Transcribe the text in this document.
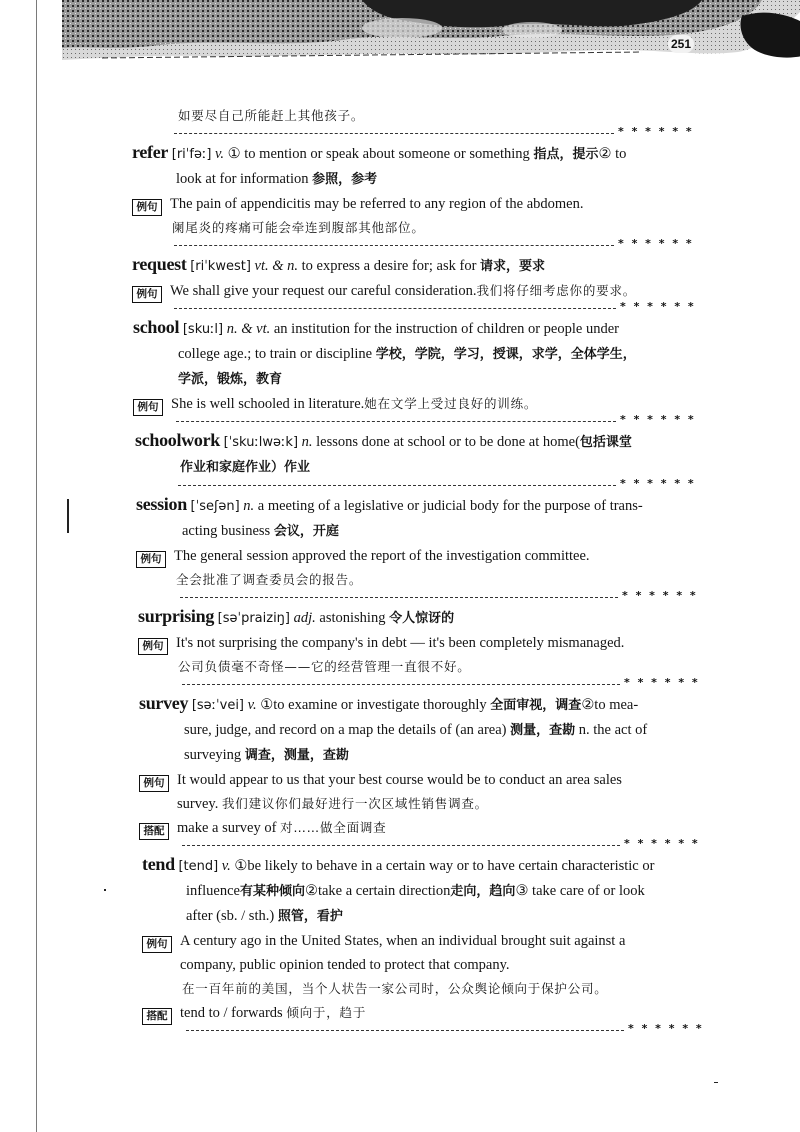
251
如要尽自己所能赶上其他孩子。
* * * * * *
refer [riˈfəː] v. ① to mention or speak about someone or something 指点，提示② to
look at for information 参照，参考
例句 The pain of appendicitis may be referred to any region of the abdomen.
阑尾炎的疼痛可能会牵连到腹部其他部位。
* * * * * *
request [riˈkwest] vt. & n. to express a desire for; ask for 请求，要求
例句 We shall give your request our careful consideration.我们将仔细考虑你的要求。
* * * * * *
school [skuːl] n. & vt. an institution for the instruction of children or people under
college age.; to train or discipline 学校，学院，学习，授课，求学，全体学生，
学派，锻炼，教育
例句 She is well schooled in literature.她在文学上受过良好的训练。
* * * * * *
schoolwork [ˈskuːlwəːk] n. lessons done at school or to be done at home(包括课堂
作业和家庭作业）作业
* * * * * *
session [ˈseʃən] n. a meeting of a legislative or judicial body for the purpose of trans-
acting business 会议，开庭
例句 The general session approved the report of the investigation committee.
全会批准了调查委员会的报告。
* * * * * *
surprising [səˈpraiziŋ] adj. astonishing 令人惊讶的
例句 It's not surprising the company's in debt — it's been completely mismanaged.
公司负债毫不奇怪——它的经营管理一直很不好。
* * * * * *
survey [səːˈvei] v. ①to examine or investigate thoroughly 全面审视，调查②to mea-
sure, judge, and record on a map the details of (an area) 测量，查勘 n. the act of
surveying 调查，测量，查勘
例句 It would appear to us that your best course would be to conduct an area sales
survey. 我们建议你们最好进行一次区域性销售调查。
搭配 make a survey of 对……做全面调查
* * * * * *
tend [tend] v. ①be likely to behave in a certain way or to have certain characteristic or
influence有某种倾向②take a certain direction走向，趋向③ take care of or look
after (sb. / sth.) 照管，看护
例句 A century ago in the United States, when an individual brought suit against a
company, public opinion tended to protect that company.
在一百年前的美国，当个人状告一家公司时，公众舆论倾向于保护公司。
搭配 tend to / forwards 倾向于，趋于
* * * * * *
